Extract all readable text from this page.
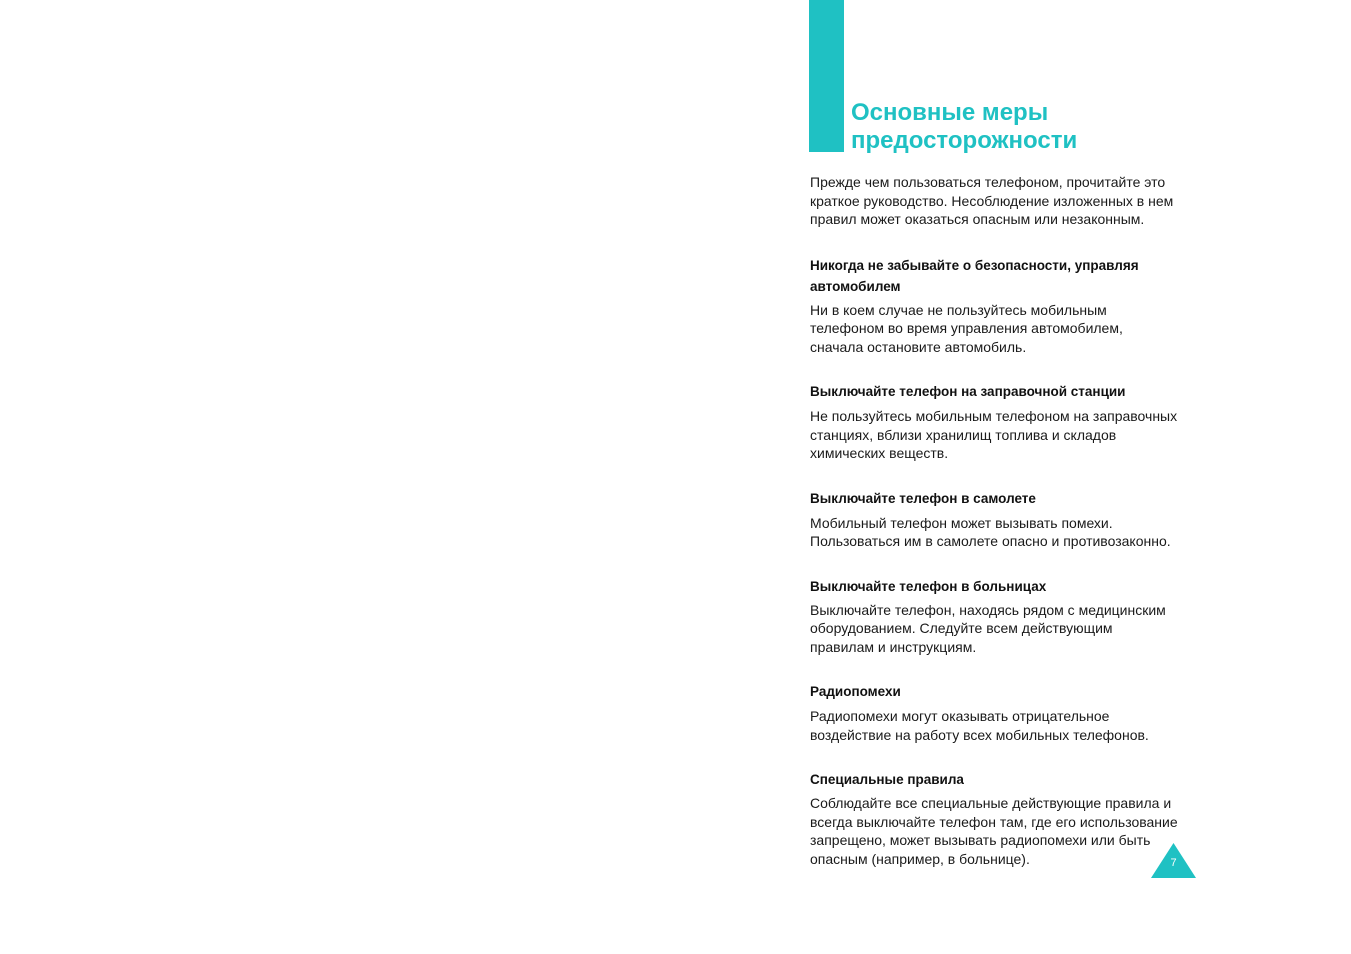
Основные меры
предосторожности

Прежде чем пользоваться телефоном, прочитайте это
краткое руководство. Несоблюдение изложенных в нем
правил может оказаться опасным или незаконным.

Никогда не забывайте о безопасности, управляя
автомобилем

Ни в коем случае не пользуйтесь мобильным
телефоном во время управления автомобилем,
сначала остановите автомобиль.

Выключайте телефон на заправочной станции

Не пользуйтесь мобильным телефоном на заправочных
станциях, вблизи хранилищ топлива и складов
химических веществ.

Выключайте телефон в самолете

Мобильный телефон может вызывать помехи.
Пользоваться им в самолете опасно и противозаконно.

Выключайте телефон в больницах

Выключайте телефон, находясь рядом с медицинским
оборудованием. Следуйте всем действующим
правилам и инструкциям.

Радиопомехи

Радиопомехи могут оказывать отрицательное
воздействие на работу всех мобильных телефонов.

Специальные правила

Соблюдайте все специальные действующие правила и
всегда выключайте телефон там, где его использование
запрещено, может вызывать радиопомехи или быть
опасным (например, в больнице).	7
